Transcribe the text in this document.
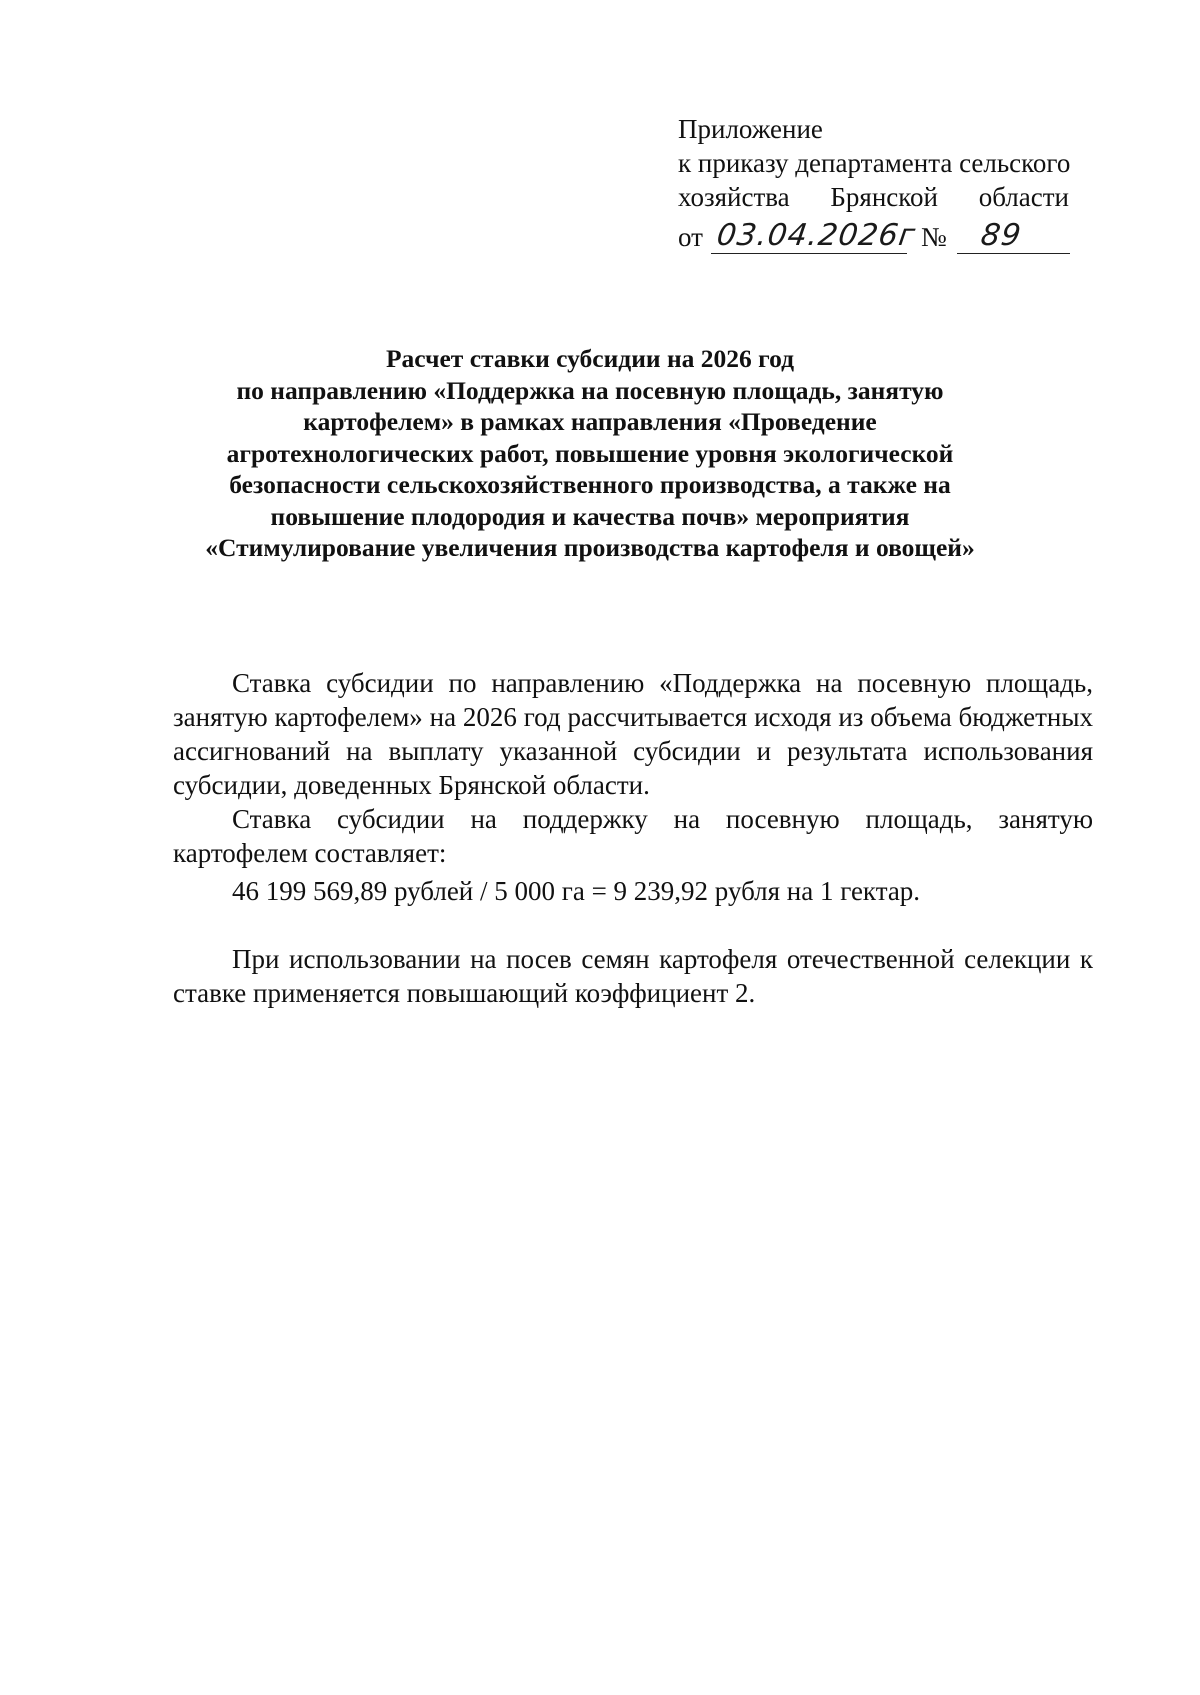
Приложение
к приказу департамента сельского
хозяйства Брянской области
от 03.04.2026г № 89
Расчет ставки субсидии на 2026 год
по направлению «Поддержка на посевную площадь, занятую
картофелем» в рамках направления «Проведение
агротехнологических работ, повышение уровня экологической
безопасности сельскохозяйственного производства, а также на
повышение плодородия и качества почв» мероприятия
«Стимулирование увеличения производства картофеля и овощей»

Ставка субсидии по направлению «Поддержка на посевную площадь, занятую картофелем» на 2026 год рассчитывается исходя из объема бюджетных ассигнований на выплату указанной субсидии и результата использования субсидии, доведенных Брянской области.

Ставка субсидии на поддержку на посевную площадь, занятую картофелем составляет:

46 199 569,89 рублей / 5 000 га = 9 239,92 рубля на 1 гектар.

При использовании на посев семян картофеля отечественной селекции к ставке применяется повышающий коэффициент 2.
